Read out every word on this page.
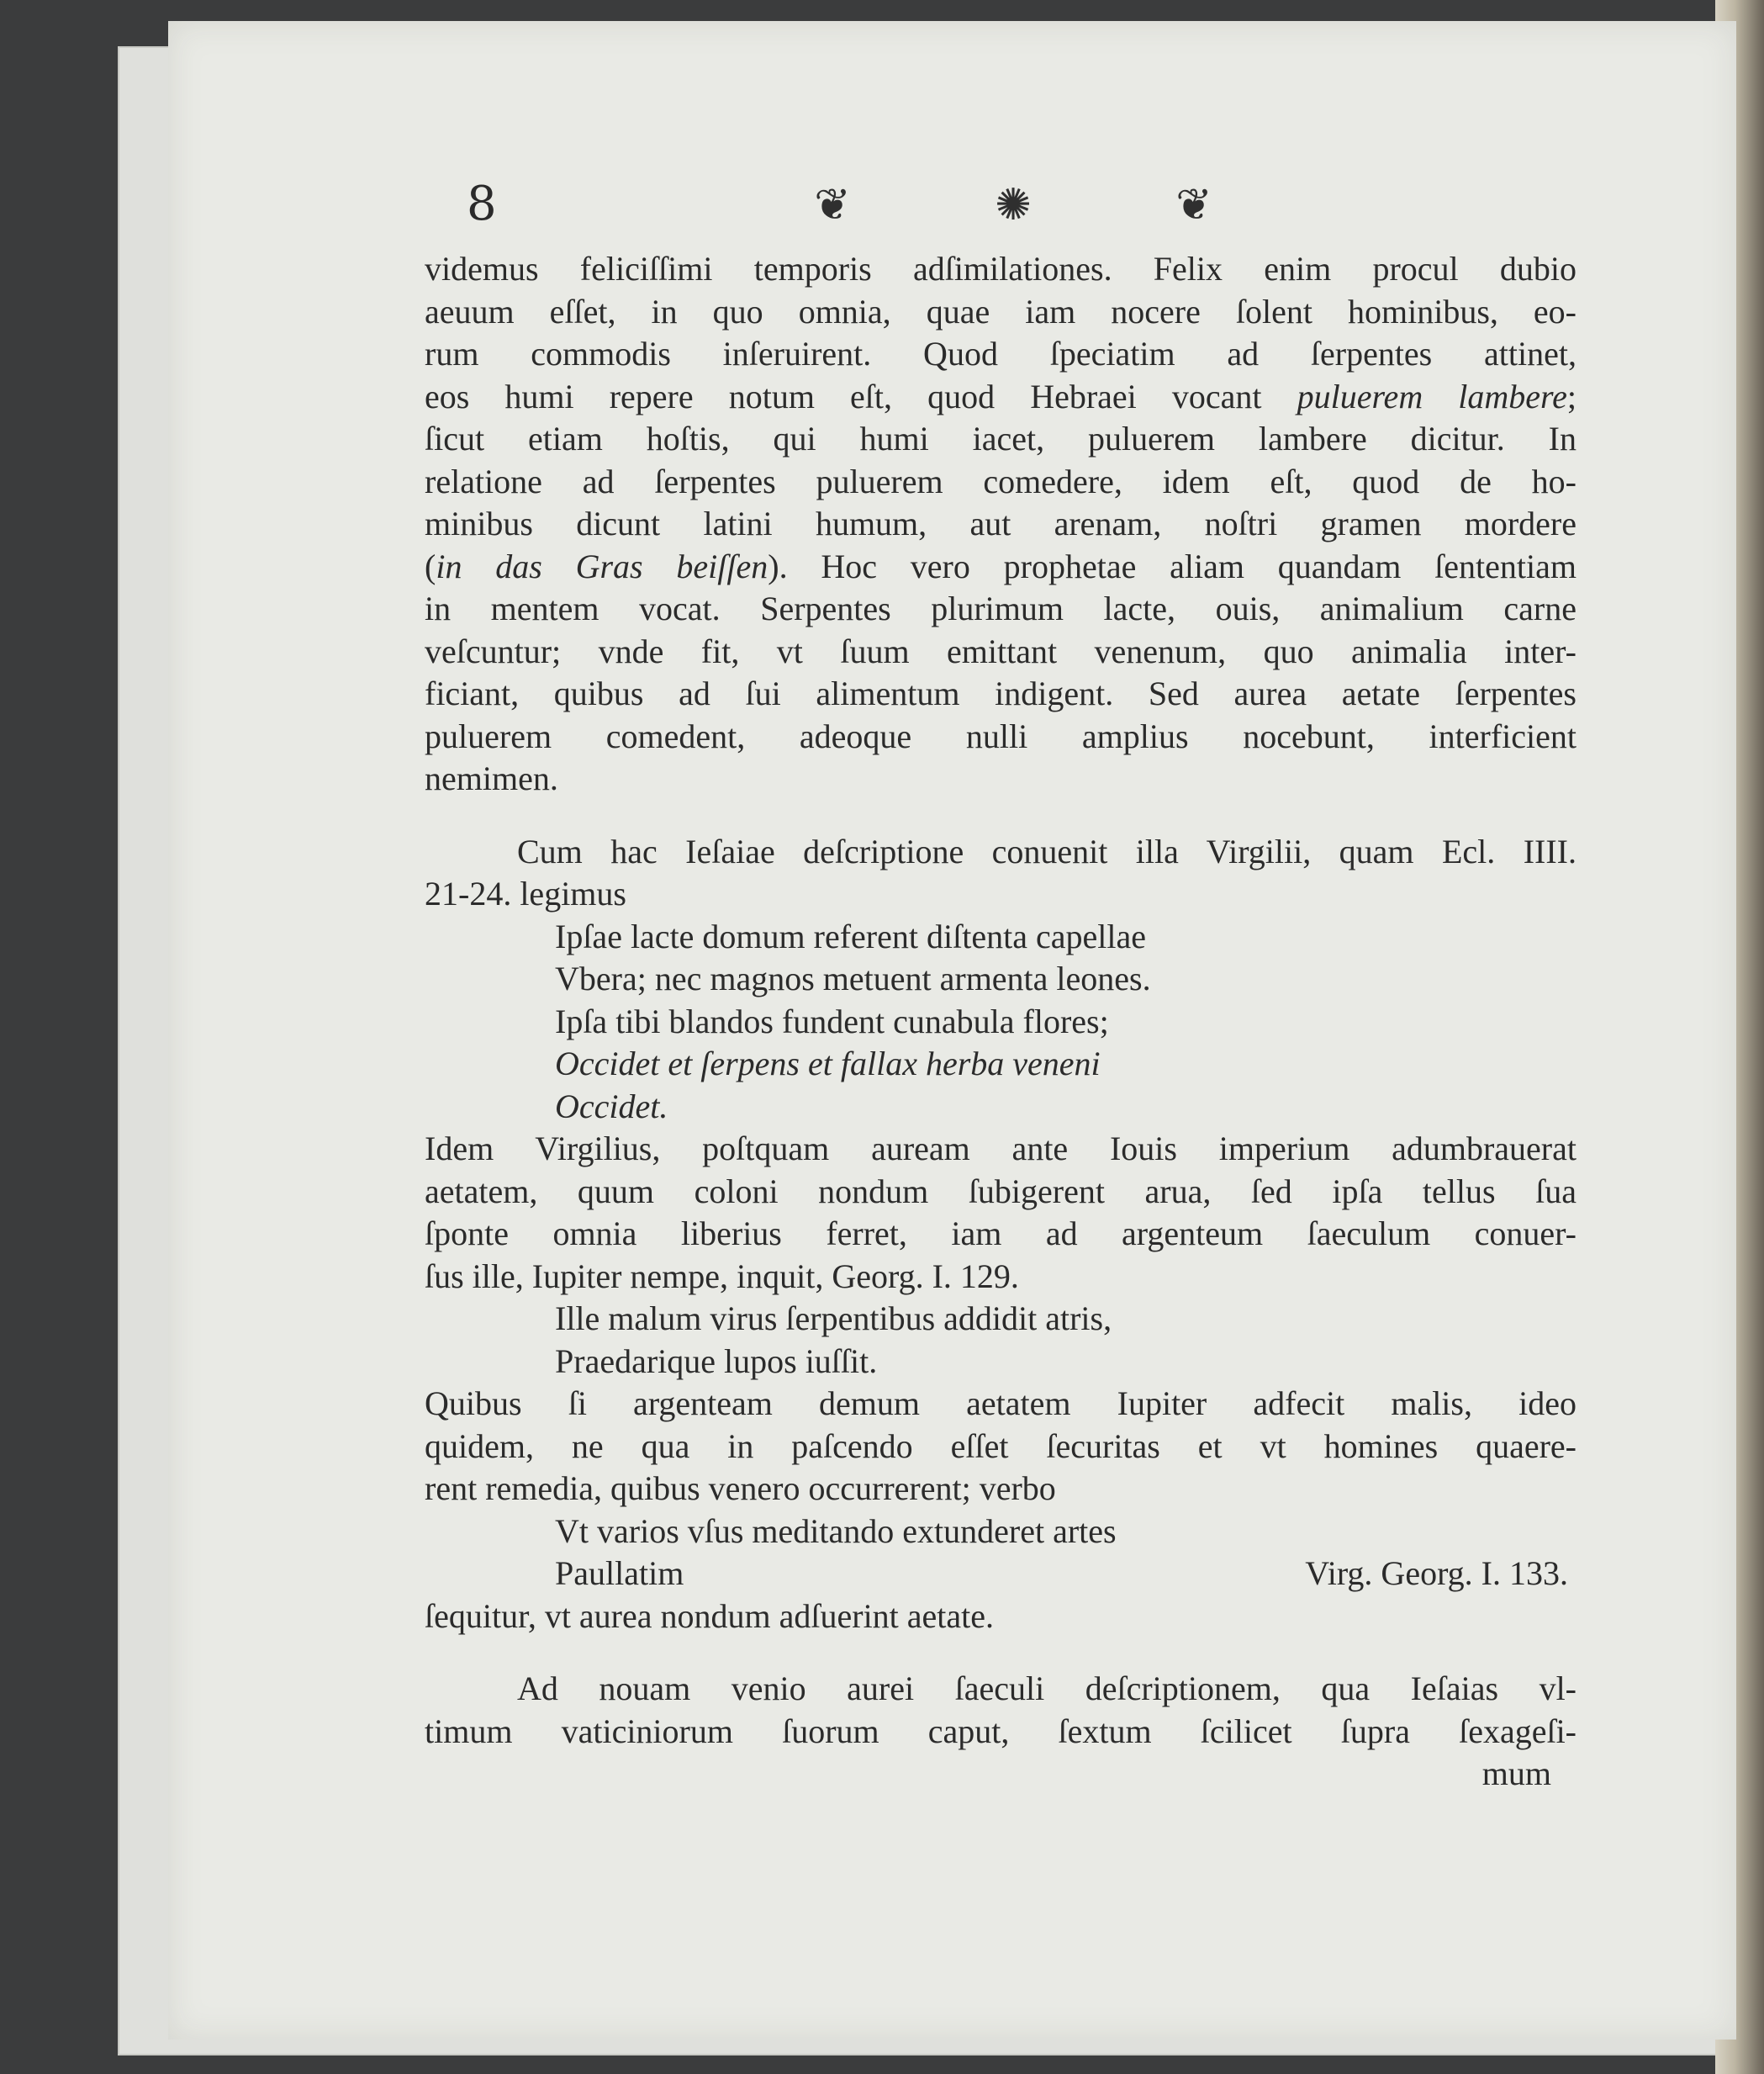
8	❦	✺	❦
videmus feliciſſimi temporis adſimilationes. Felix enim procul dubio
aeuum eſſet, in quo omnia, quae iam nocere ſolent hominibus, eo-
rum commodis inſeruirent. Quod ſpeciatim ad ſerpentes attinet,
eos humi repere notum eſt, quod Hebraei vocant puluerem lambere;
ſicut etiam hoſtis, qui humi iacet, puluerem lambere dicitur. In
relatione ad ſerpentes puluerem comedere, idem eſt, quod de ho-
minibus dicunt latini humum, aut arenam, noſtri gramen mordere
(in das Gras beiſſen). Hoc vero prophetae aliam quandam ſententiam
in mentem vocat. Serpentes plurimum lacte, ouis, animalium carne
veſcuntur; vnde fit, vt ſuum emittant venenum, quo animalia inter-
ficiant, quibus ad ſui alimentum indigent. Sed aurea aetate ſerpentes
puluerem comedent, adeoque nulli amplius nocebunt, interficient
nemimen.
Cum hac Ieſaiae deſcriptione conuenit illa Virgilii, quam Ecl. IIII.
21-24. legimus
Ipſae lacte domum referent diſtenta capellae
Vbera; nec magnos metuent armenta leones.
Ipſa tibi blandos fundent cunabula flores;
Occidet et ſerpens et fallax herba veneni
Occidet.
Idem Virgilius, poſtquam auream ante Iouis imperium adumbrauerat
aetatem, quum coloni nondum ſubigerent arua, ſed ipſa tellus ſua
ſponte omnia liberius ferret, iam ad argenteum ſaeculum conuer-
ſus ille, Iupiter nempe, inquit, Georg. I. 129.
Ille malum virus ſerpentibus addidit atris,
Praedarique lupos iuſſit.
Quibus ſi argenteam demum aetatem Iupiter adfecit malis, ideo
quidem, ne qua in paſcendo eſſet ſecuritas et vt homines quaere-
rent remedia, quibus venero occurrerent; verbo
Vt varios vſus meditando extunderet artes
Paullatim	Virg. Georg. I. 133.
ſequitur, vt aurea nondum adſuerint aetate.
Ad nouam venio aurei ſaeculi deſcriptionem, qua Ieſaias vl-
timum vaticiniorum ſuorum caput, ſextum ſcilicet ſupra ſexageſi-
mum
